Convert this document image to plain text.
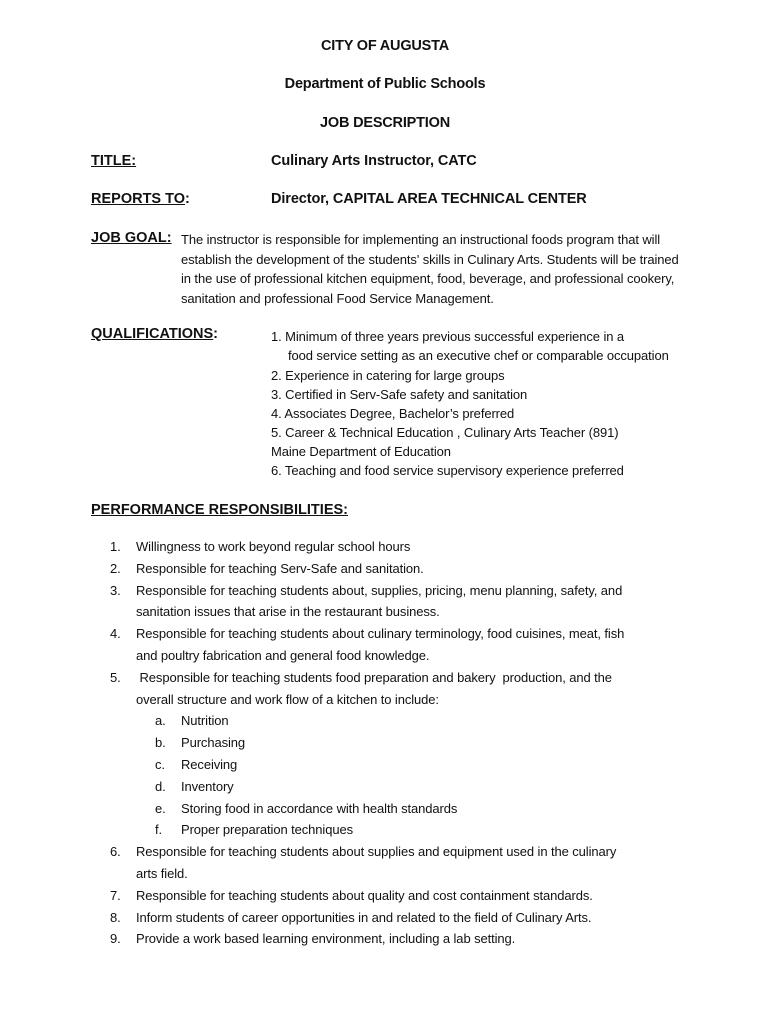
CITY OF AUGUSTA
Department of Public Schools
JOB DESCRIPTION
TITLE:	Culinary Arts Instructor, CATC
REPORTS TO:	Director, CAPITAL AREA TECHNICAL CENTER
JOB GOAL: The instructor is responsible for implementing an instructional foods program that will
establish the development of the students' skills in Culinary Arts. Students will be trained
in the use of professional kitchen equipment, food, beverage, and professional cookery,
sanitation and professional Food Service Management.
QUALIFICATIONS:	1. Minimum of three years previous successful experience in a
food service setting as an executive chef or comparable occupation
2. Experience in catering for large groups
3. Certified in Serv-Safe safety and sanitation
4. Associates Degree, Bachelor’s preferred
5. Career & Technical Education , Culinary Arts Teacher (891)
Maine Department of Education
6. Teaching and food service supervisory experience preferred
PERFORMANCE RESPONSIBILITIES:
1.	Willingness to work beyond regular school hours
2.	Responsible for teaching Serv-Safe and sanitation.
3.	Responsible for teaching students about, supplies, pricing, menu planning, safety, and
sanitation issues that arise in the restaurant business.
4.	Responsible for teaching students about culinary terminology, food cuisines, meat, fish
and poultry fabrication and general food knowledge.
5.	Responsible for teaching students food preparation and bakery  production, and the
overall structure and work flow of a kitchen to include:
a.	Nutrition
b.	Purchasing
c.	Receiving
d.	Inventory
e.	Storing food in accordance with health standards
f.	Proper preparation techniques
6.	Responsible for teaching students about supplies and equipment used in the culinary
arts field.
7.	Responsible for teaching students about quality and cost containment standards.
8.	Inform students of career opportunities in and related to the field of Culinary Arts.
9.	Provide a work based learning environment, including a lab setting.
